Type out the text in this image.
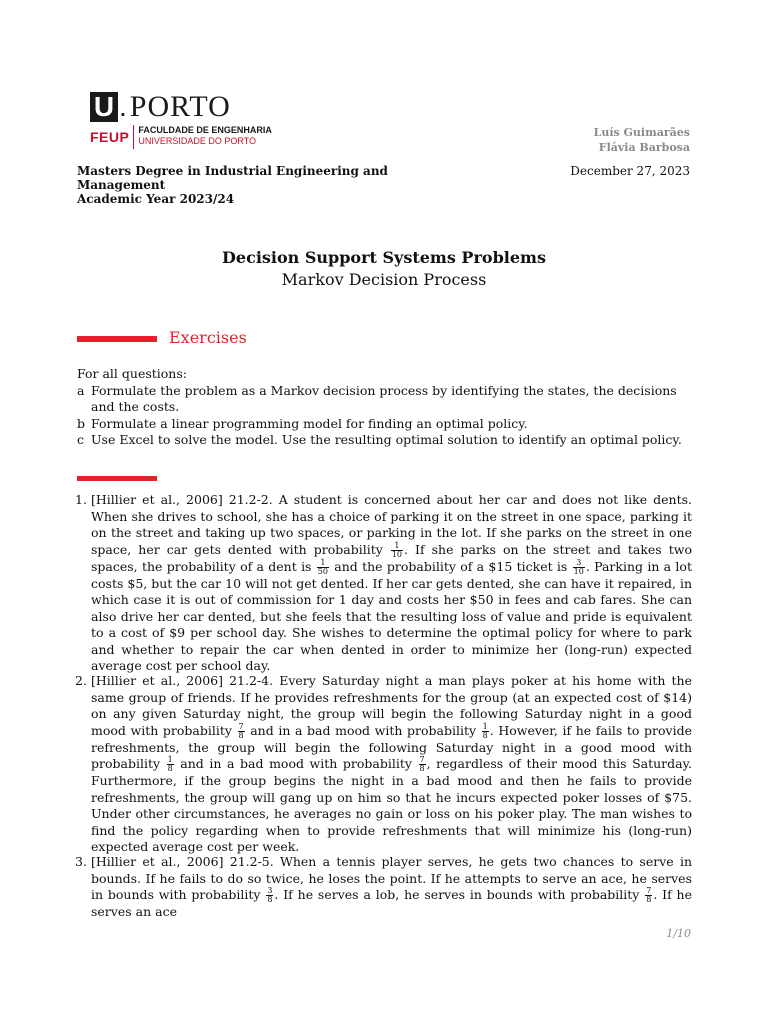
U . PORTO
FEUP	FACULDADE DE ENGENHARIA
UNIVERSIDADE DO PORTO
Luís Guimarães
Flávia Barbosa
Masters Degree in Industrial Engineering and
Management
Academic Year 2023/24
December 27, 2023
Decision Support Systems Problems
Markov Decision Process
Exercises
For all questions:
a Formulate the problem as a Markov decision process by identifying the states, the decisions and the costs.
b Formulate a linear programming model for finding an optimal policy.
c Use Excel to solve the model. Use the resulting optimal solution to identify an optimal policy.
1. [Hillier et al., 2006] 21.2-2. A student is concerned about her car and does not like dents. When she drives to school, she has a choice of parking it on the street in one space, parking it on the street and taking up two spaces, or parking in the lot. If she parks on the street in one space, her car gets dented with probability $\frac{1}{10}$ . If she parks on the street and takes two spaces, the probability of a dent is $\frac{1}{50}$ and the probability of a $15 ticket is $\frac{3}{10}$ . Parking in a lot costs $5, but the car 10 will not get dented. If her car gets dented, she can have it repaired, in which case it is out of commission for 1 day and costs her $50 in fees and cab fares. She can also drive her car dented, but she feels that the resulting loss of value and pride is equivalent to a cost of $9 per school day. She wishes to determine the optimal policy for where to park and whether to repair the car when dented in order to minimize her (long-run) expected average cost per school day.
2. [Hillier et al., 2006] 21.2-4. Every Saturday night a man plays poker at his home with the same group of friends. If he provides refreshments for the group (at an expected cost of $14) on any given Saturday night, the group will begin the following Saturday night in a good mood with probability $\frac{7}{8}$ and in a bad mood with probability $\frac{1}{8}$ . However, if he fails to provide refreshments, the group will begin the following Saturday night in a good mood with probability $\frac{1}{8}$ and in a bad mood with probability $\frac{7}{8}$ , regardless of their mood this Saturday. Furthermore, if the group begins the night in a bad mood and then he fails to provide refreshments, the group will gang up on him so that he incurs expected poker losses of $75. Under other circumstances, he averages no gain or loss on his poker play. The man wishes to find the policy regarding when to provide refreshments that will minimize his (long-run) expected average cost per week.
3. [Hillier et al., 2006] 21.2-5. When a tennis player serves, he gets two chances to serve in bounds. If he fails to do so twice, he loses the point. If he attempts to serve an ace, he serves in bounds with probability $\frac{3}{8}$ . If he serves a lob, he serves in bounds with probability $\frac{7}{8}$ . If he serves an ace
1/10
